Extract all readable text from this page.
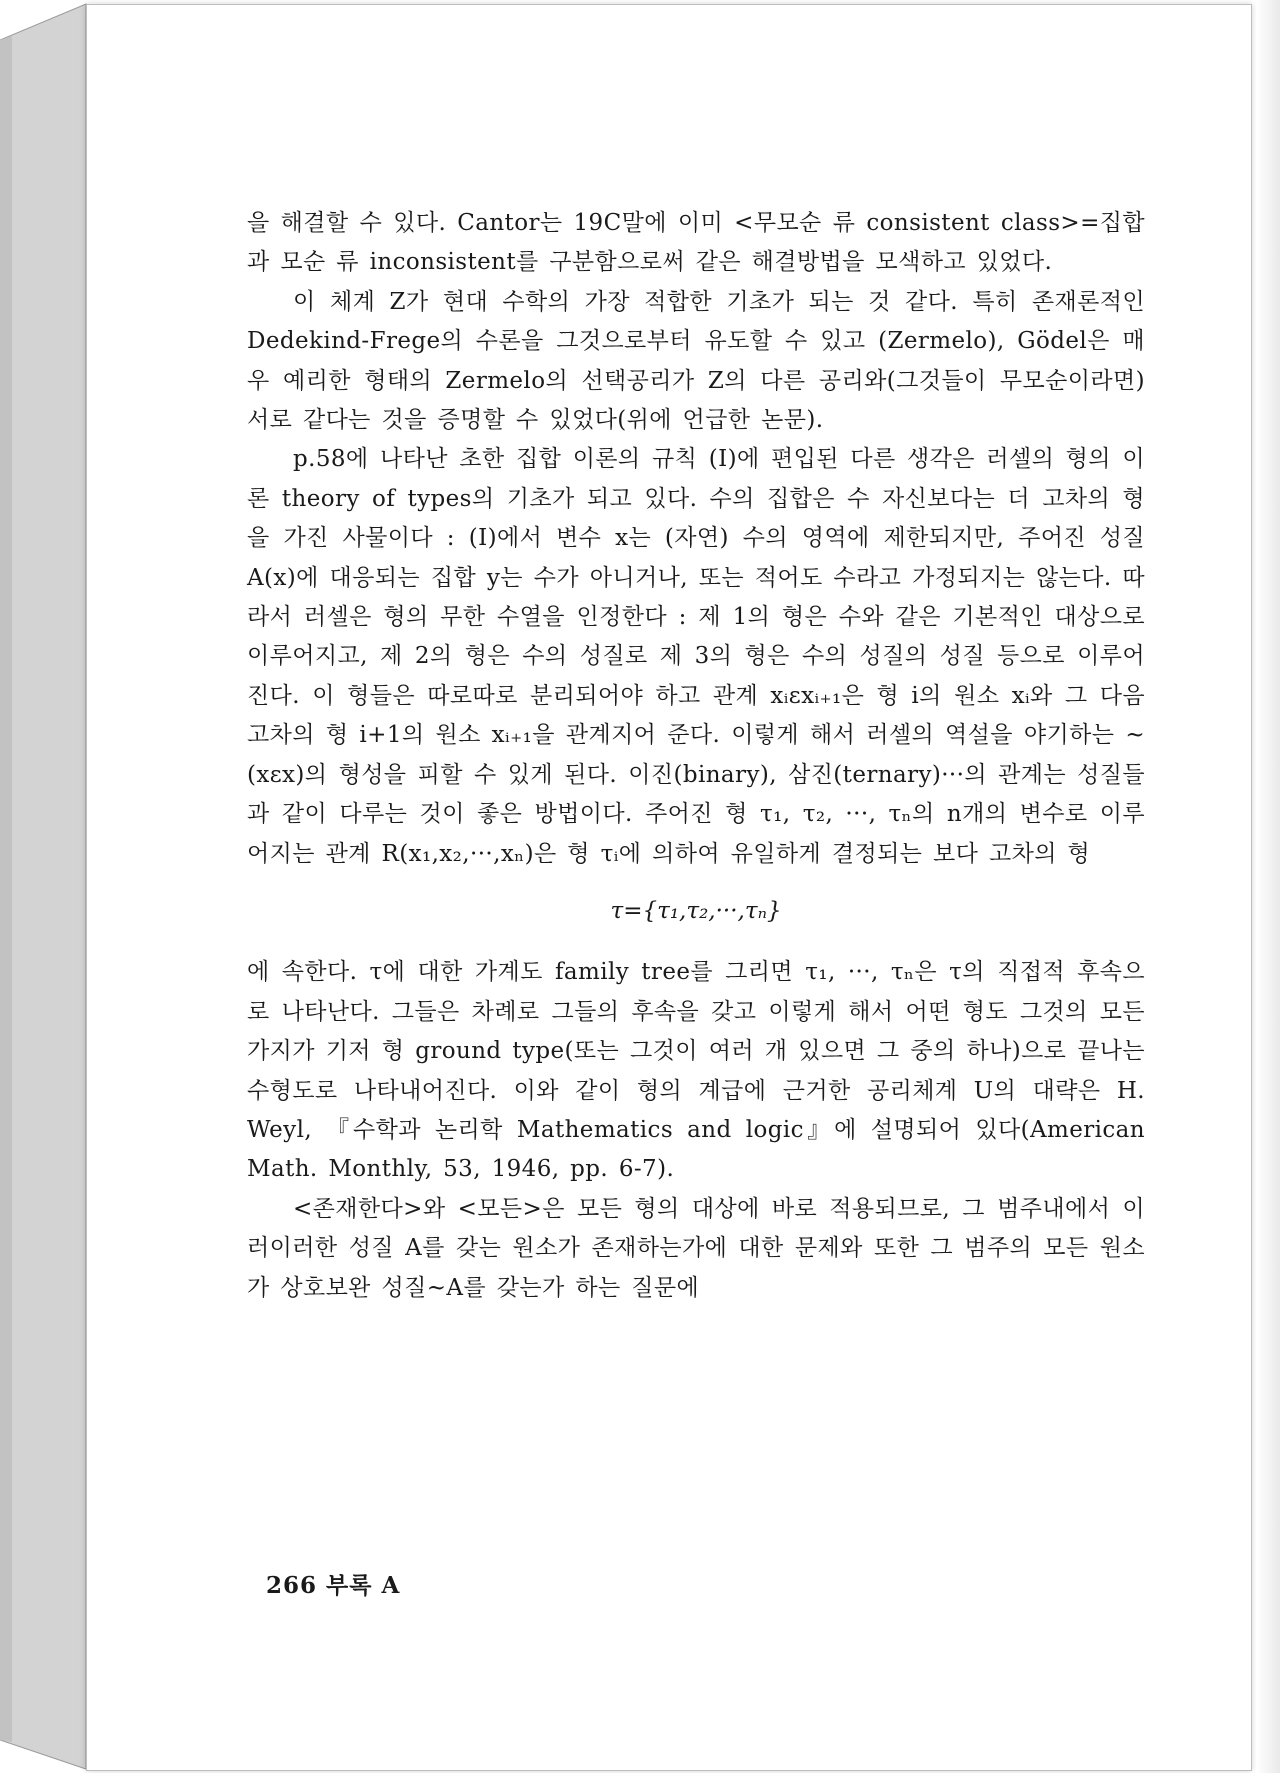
을 해결할 수 있다. Cantor는 19C말에 이미 <무모순 류 consistent class>=집합과 모순 류 inconsistent를 구분함으로써 같은 해결방법을 모색하고 있었다.

이 체계 Z가 현대 수학의 가장 적합한 기초가 되는 것 같다. 특히 존재론적인 Dedekind-Frege의 수론을 그것으로부터 유도할 수 있고 (Zermelo), Gödel은 매우 예리한 형태의 Zermelo의 선택공리가 Z의 다른 공리와(그것들이 무모순이라면) 서로 같다는 것을 증명할 수 있었다(위에 언급한 논문).

p.58에 나타난 초한 집합 이론의 규칙 (I)에 편입된 다른 생각은 러셀의 형의 이론 theory of types의 기초가 되고 있다. 수의 집합은 수 자신보다는 더 고차의 형을 가진 사물이다 : (I)에서 변수 x는 (자연) 수의 영역에 제한되지만, 주어진 성질 A(x)에 대응되는 집합 y는 수가 아니거나, 또는 적어도 수라고 가정되지는 않는다. 따라서 러셀은 형의 무한 수열을 인정한다 : 제 1의 형은 수와 같은 기본적인 대상으로 이루어지고, 제 2의 형은 수의 성질로 제 3의 형은 수의 성질의 성질 등으로 이루어진다. 이 형들은 따로따로 분리되어야 하고 관계 xᵢεxᵢ₊₁은 형 i의 원소 xᵢ와 그 다음 고차의 형 i+1의 원소 xᵢ₊₁을 관계지어 준다. 이렇게 해서 러셀의 역설을 야기하는 ~(xεx)의 형성을 피할 수 있게 된다. 이진(binary), 삼진(ternary)···의 관계는 성질들과 같이 다루는 것이 좋은 방법이다. 주어진 형 τ₁, τ₂, ···, τₙ의 n개의 변수로 이루어지는 관계 R(x₁,x₂,···,xₙ)은 형 τᵢ에 의하여 유일하게 결정되는 보다 고차의 형

τ={τ₁,τ₂,···,τₙ}

에 속한다. τ에 대한 가계도 family tree를 그리면 τ₁, ···, τₙ은 τ의 직접적 후속으로 나타난다. 그들은 차례로 그들의 후속을 갖고 이렇게 해서 어떤 형도 그것의 모든 가지가 기저 형 ground type(또는 그것이 여러 개 있으면 그 중의 하나)으로 끝나는 수형도로 나타내어진다. 이와 같이 형의 계급에 근거한 공리체계 U의 대략은 H. Weyl, 『수학과 논리학 Mathematics and logic』에 설명되어 있다(American Math. Monthly, 53, 1946, pp. 6-7).

<존재한다>와 <모든>은 모든 형의 대상에 바로 적용되므로, 그 범주내에서 이러이러한 성질 A를 갖는 원소가 존재하는가에 대한 문제와 또한 그 범주의 모든 원소가 상호보완 성질~A를 갖는가 하는 질문에

266 부록 A
